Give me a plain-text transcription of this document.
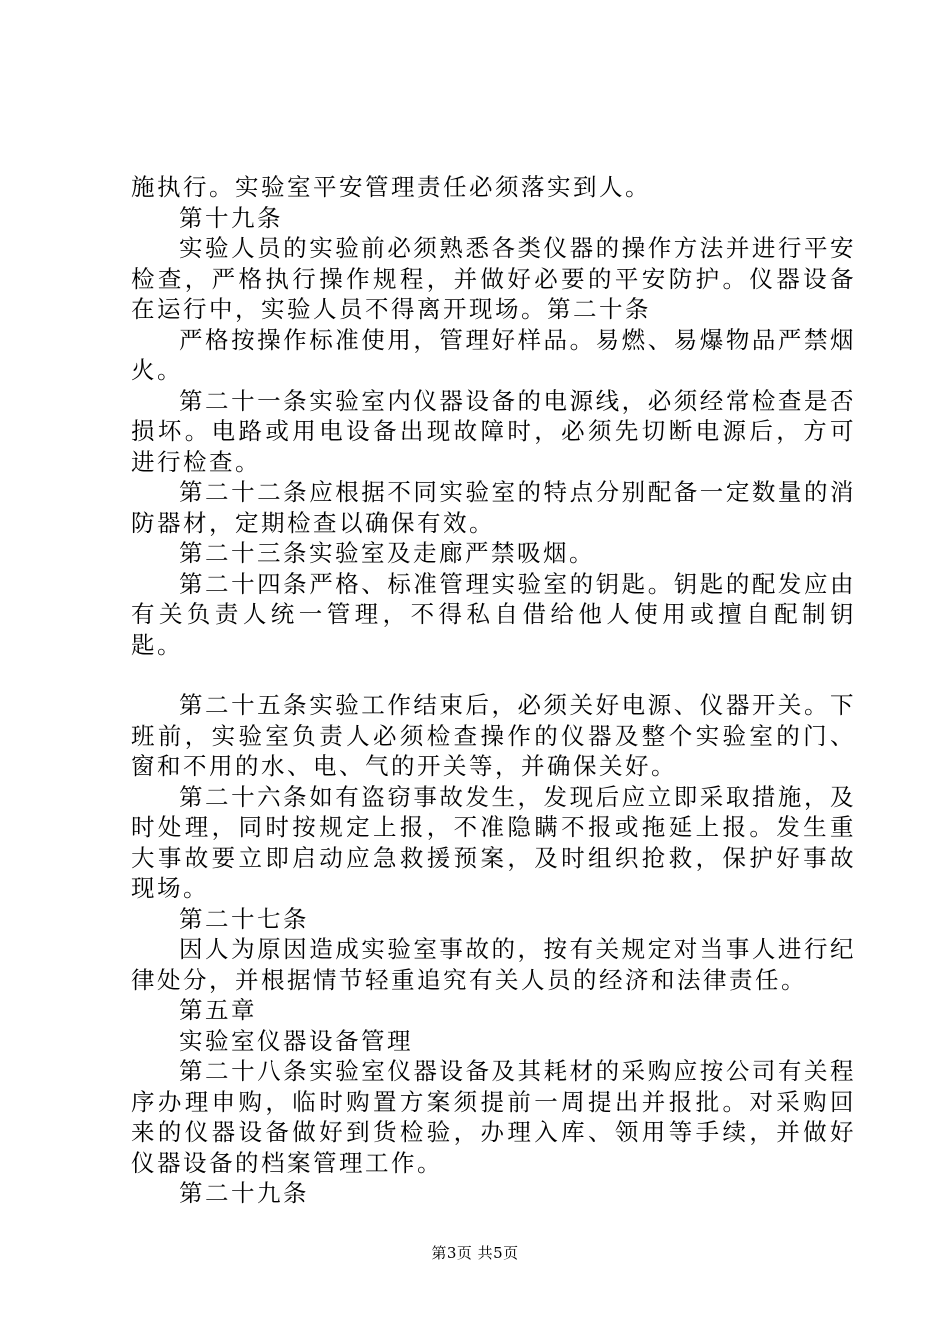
施执行。实验室平安管理责任必须落实到人。

第十九条

实验人员的实验前必须熟悉各类仪器的操作方法并进行平安检查，严格执行操作规程，并做好必要的平安防护。仪器设备在运行中，实验人员不得离开现场。第二十条

严格按操作标准使用，管理好样品。易燃、易爆物品严禁烟火。

第二十一条实验室内仪器设备的电源线，必须经常检查是否损坏。电路或用电设备出现故障时，必须先切断电源后，方可进行检查。

第二十二条应根据不同实验室的特点分别配备一定数量的消防器材，定期检查以确保有效。

第二十三条实验室及走廊严禁吸烟。

第二十四条严格、标准管理实验室的钥匙。钥匙的配发应由有关负责人统一管理，不得私自借给他人使用或擅自配制钥匙。

第二十五条实验工作结束后，必须关好电源、仪器开关。下班前，实验室负责人必须检查操作的仪器及整个实验室的门、窗和不用的水、电、气的开关等，并确保关好。

第二十六条如有盗窃事故发生，发现后应立即采取措施，及时处理，同时按规定上报，不准隐瞒不报或拖延上报。发生重大事故要立即启动应急救援预案，及时组织抢救，保护好事故现场。

第二十七条

因人为原因造成实验室事故的，按有关规定对当事人进行纪律处分，并根据情节轻重追究有关人员的经济和法律责任。

第五章

实验室仪器设备管理

第二十八条实验室仪器设备及其耗材的采购应按公司有关程序办理申购，临时购置方案须提前一周提出并报批。对采购回来的仪器设备做好到货检验，办理入库、领用等手续，并做好仪器设备的档案管理工作。

第二十九条

第3页 共5页
